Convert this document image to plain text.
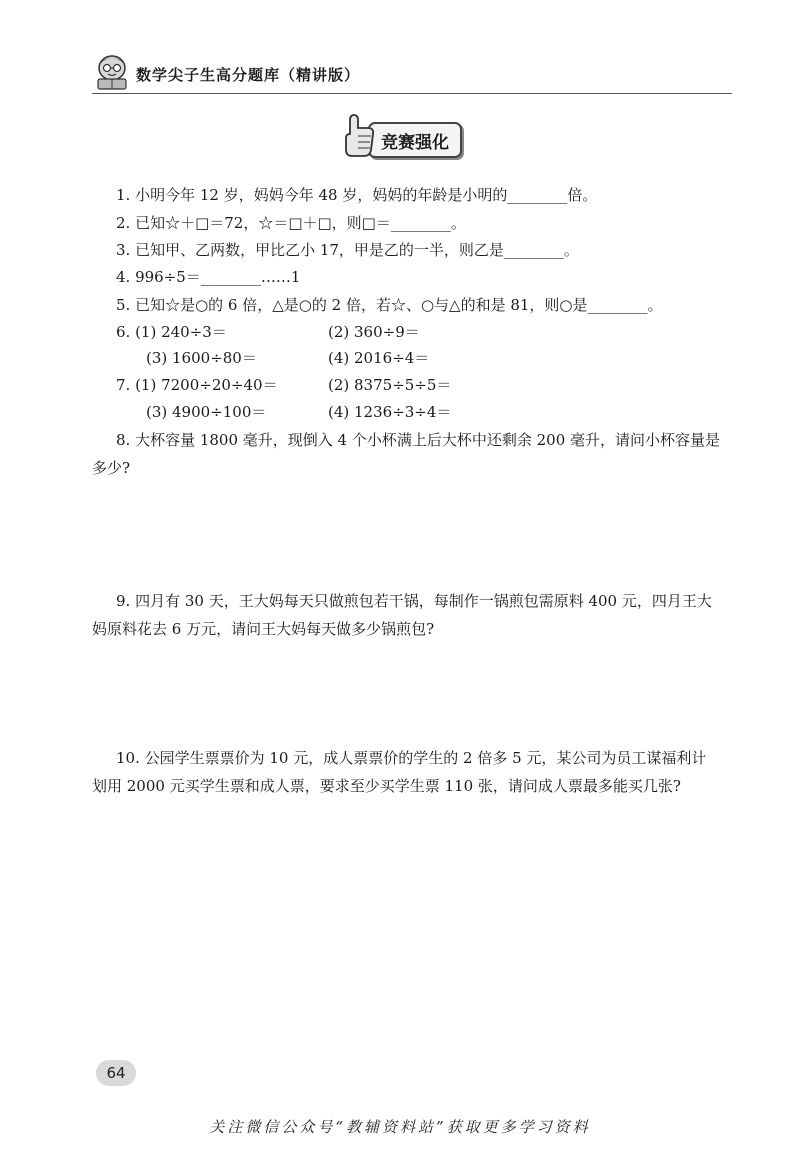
数学尖子生高分题库（精讲版）
竞赛强化
1. 小明今年 12 岁，妈妈今年 48 岁，妈妈的年龄是小明的________倍。
2. 已知☆＋□＝72，☆＝□＋□，则□＝________。
3. 已知甲、乙两数，甲比乙小 17，甲是乙的一半，则乙是________。
4. 996÷5＝________……1
5. 已知☆是○的 6 倍，△是○的 2 倍，若☆、○与△的和是 81，则○是________。
6. (1) 240÷3＝	(2) 360÷9＝
(3) 1600÷80＝	(4) 2016÷4＝
7. (1) 7200÷20÷40＝	(2) 8375÷5÷5＝
(3) 4900÷100＝	(4) 1236÷3÷4＝
8. 大杯容量 1800 毫升，现倒入 4 个小杯满上后大杯中还剩余 200 毫升，请问小杯容量是
多少?
9. 四月有 30 天，王大妈每天只做煎包若干锅，每制作一锅煎包需原料 400 元，四月王大
妈原料花去 6 万元，请问王大妈每天做多少锅煎包?
10. 公园学生票票价为 10 元，成人票票价的学生的 2 倍多 5 元，某公司为员工谋福利计
划用 2000 元买学生票和成人票，要求至少买学生票 110 张，请问成人票最多能买几张?
64
关注微信公众号“教辅资料站”获取更多学习资料
